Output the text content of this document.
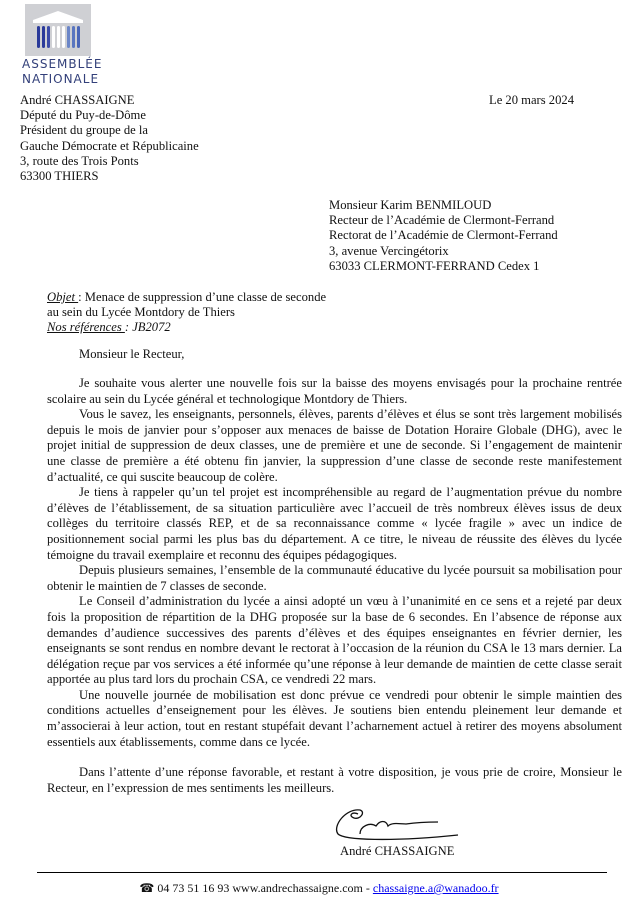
ASSEMBLÉE
NATIONALE
André CHASSAIGNE
Député du Puy-de-Dôme
Président du groupe de la
Gauche Démocrate et Républicaine
3, route des Trois Ponts
63300 THIERS
Le 20 mars 2024
Monsieur Karim BENMILOUD
Recteur de l’Académie de Clermont-Ferrand
Rectorat de l’Académie de Clermont-Ferrand
3, avenue Vercingétorix
63033 CLERMONT-FERRAND Cedex 1
Objet : Menace de suppression d’une classe de seconde
au sein du Lycée Montdory de Thiers
Nos références : JB2072
Monsieur le Recteur,

Je souhaite vous alerter une nouvelle fois sur la baisse des moyens envisagés pour la prochaine rentrée scolaire au sein du Lycée général et technologique Montdory de Thiers.

Vous le savez, les enseignants, personnels, élèves, parents d’élèves et élus se sont très largement mobilisés depuis le mois de janvier pour s’opposer aux menaces de baisse de Dotation Horaire Globale (DHG), avec le projet initial de suppression de deux classes, une de première et une de seconde. Si l’engagement de maintenir une classe de première a été obtenu fin janvier, la suppression d’une classe de seconde reste manifestement d’actualité, ce qui suscite beaucoup de colère.

Je tiens à rappeler qu’un tel projet est incompréhensible au regard de l’augmentation prévue du nombre d’élèves de l’établissement, de sa situation particulière avec l’accueil de très nombreux élèves issus de deux collèges du territoire classés REP, et de sa reconnaissance comme « lycée fragile » avec un indice de positionnement social parmi les plus bas du département. A ce titre, le niveau de réussite des élèves du lycée témoigne du travail exemplaire et reconnu des équipes pédagogiques.

Depuis plusieurs semaines, l’ensemble de la communauté éducative du lycée poursuit sa mobilisation pour obtenir le maintien de 7 classes de seconde.

Le Conseil d’administration du lycée a ainsi adopté un vœu à l’unanimité en ce sens et a rejeté par deux fois la proposition de répartition de la DHG proposée sur la base de 6 secondes. En l’absence de réponse aux demandes d’audience successives des parents d’élèves et des équipes enseignantes en février dernier, les enseignants se sont rendus en nombre devant le rectorat à l’occasion de la réunion du CSA le 13 mars dernier. La délégation reçue par vos services a été informée qu’une réponse à leur demande de maintien de cette classe serait apportée au plus tard lors du prochain CSA, ce vendredi 22 mars.

Une nouvelle journée de mobilisation est donc prévue ce vendredi pour obtenir le simple maintien des conditions actuelles d’enseignement pour les élèves. Je soutiens bien entendu pleinement leur demande et m’associerai à leur action, tout en restant stupéfait devant l’acharnement actuel à retirer des moyens absolument essentiels aux établissements, comme dans ce lycée.

Dans l’attente d’une réponse favorable, et restant à votre disposition, je vous prie de croire, Monsieur le Recteur, en l’expression de mes sentiments les meilleurs.

André CHASSAIGNE
☎ 04 73 51 16 93 www.andrechassaigne.com - chassaigne.a@wanadoo.fr
